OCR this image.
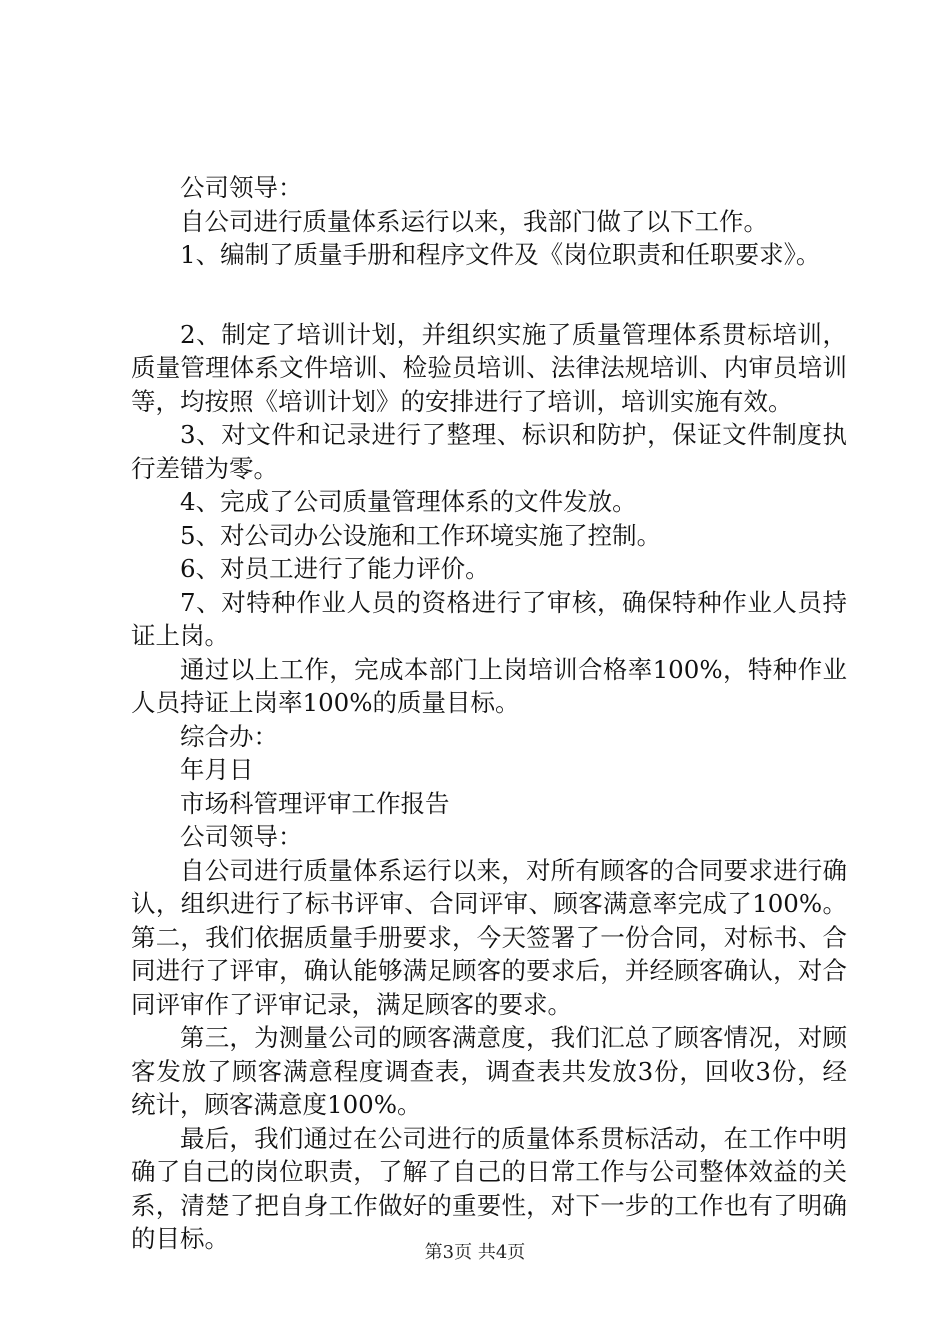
公司领导：
自公司进行质量体系运行以来，我部门做了以下工作。
1、编制了质量手册和程序文件及《岗位职责和任职要求》。
2、制定了培训计划，并组织实施了质量管理体系贯标培训，质量管理体系文件培训、检验员培训、法律法规培训、内审员培训等，均按照《培训计划》的安排进行了培训，培训实施有效。
3、对文件和记录进行了整理、标识和防护，保证文件制度执行差错为零。
4、完成了公司质量管理体系的文件发放。
5、对公司办公设施和工作环境实施了控制。
6、对员工进行了能力评价。
7、对特种作业人员的资格进行了审核，确保特种作业人员持证上岗。
通过以上工作，完成本部门上岗培训合格率100%，特种作业人员持证上岗率100%的质量目标。
综合办：
年月日
市场科管理评审工作报告
公司领导：
自公司进行质量体系运行以来，对所有顾客的合同要求进行确认，组织进行了标书评审、合同评审、顾客满意率完成了100%。第二，我们依据质量手册要求，今天签署了一份合同，对标书、合同进行了评审，确认能够满足顾客的要求后，并经顾客确认，对合同评审作了评审记录，满足顾客的要求。
第三，为测量公司的顾客满意度，我们汇总了顾客情况，对顾客发放了顾客满意程度调查表，调查表共发放3份，回收3份，经统计，顾客满意度100%。
最后，我们通过在公司进行的质量体系贯标活动，在工作中明确了自己的岗位职责，了解了自己的日常工作与公司整体效益的关系，清楚了把自身工作做好的重要性，对下一步的工作也有了明确的目标。	第3页 共4页
